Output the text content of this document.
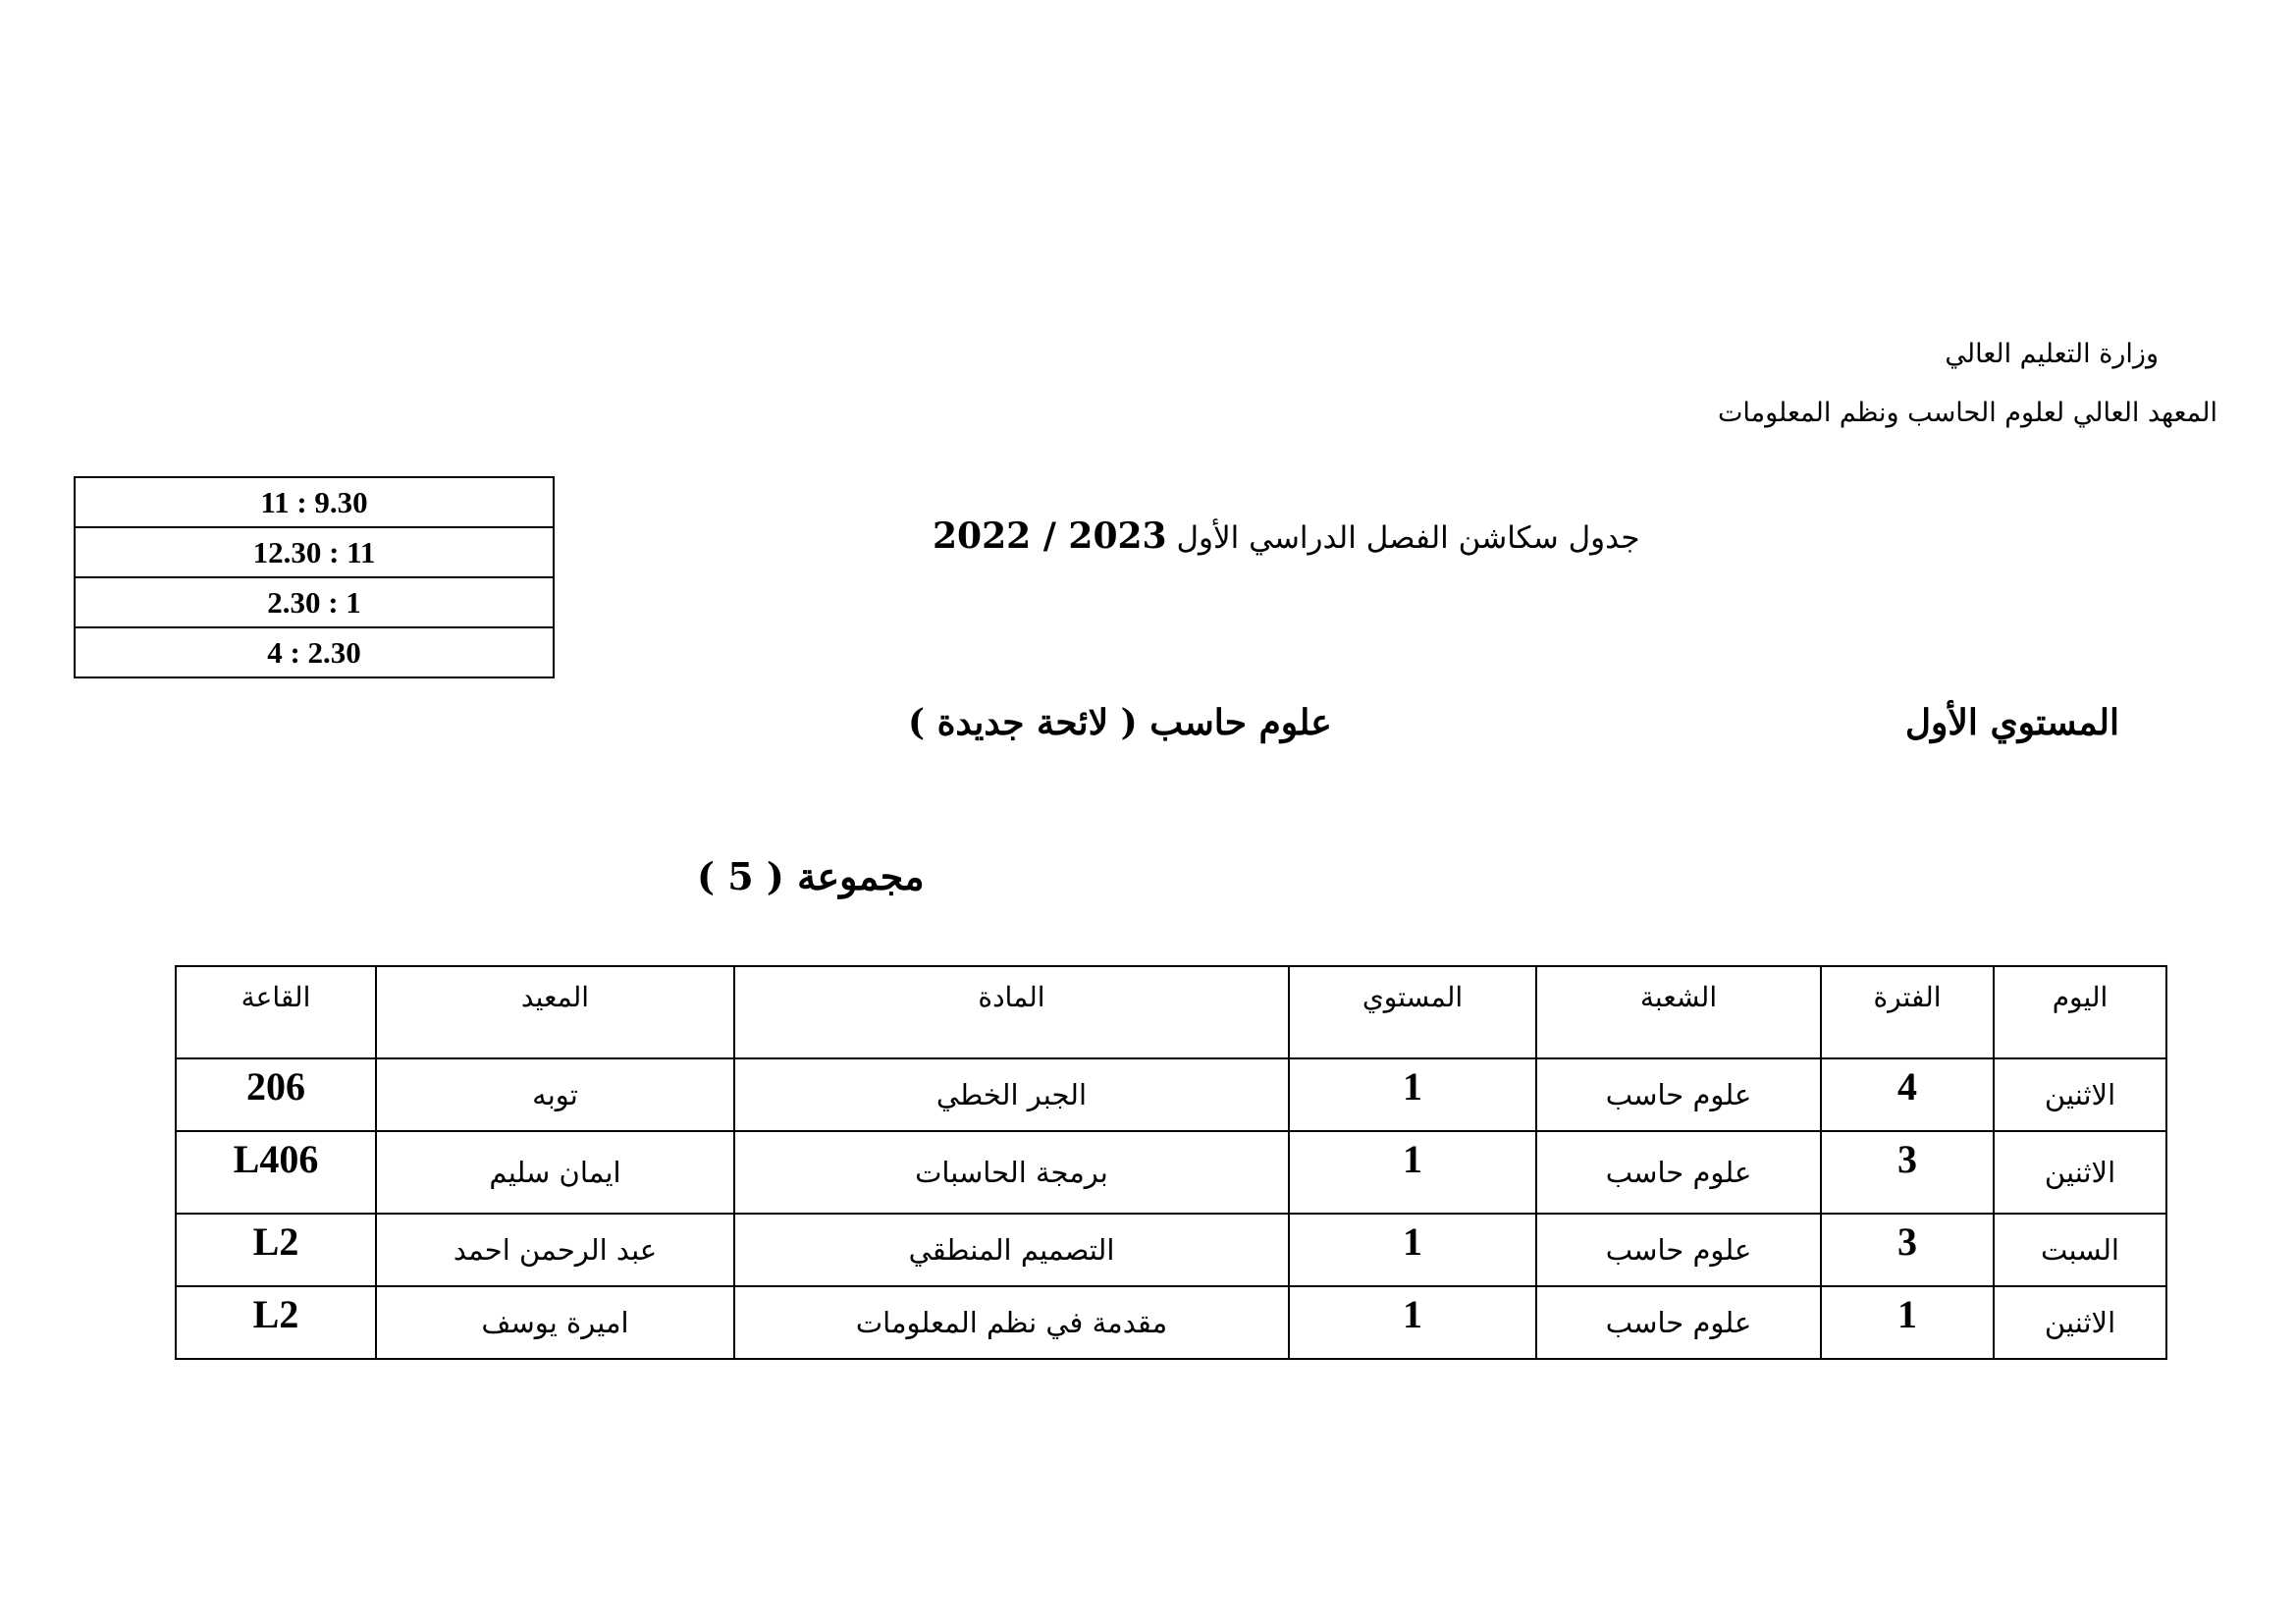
وزارة التعليم العالي
المعهد العالي لعلوم الحاسب ونظم المعلومات
جدول سكاشن الفصل الدراسي الأول 2022 / 2023
11 : 9.30
12.30 : 11
2.30 : 1
4 : 2.30
المستوي الأول
علوم حاسب ( لائحة جديدة )
مجموعة ( 5 )
اليوم	الفترة	الشعبة	المستوي	المادة	المعيد	القاعة
الاثنين	4	علوم حاسب	1	الجبر الخطي	توبه	206
الاثنين	3	علوم حاسب	1	برمجة الحاسبات	ايمان سليم	L406
السبت	3	علوم حاسب	1	التصميم المنطقي	عبد الرحمن احمد	L2
الاثنين	1	علوم حاسب	1	مقدمة في نظم المعلومات	اميرة يوسف	L2
